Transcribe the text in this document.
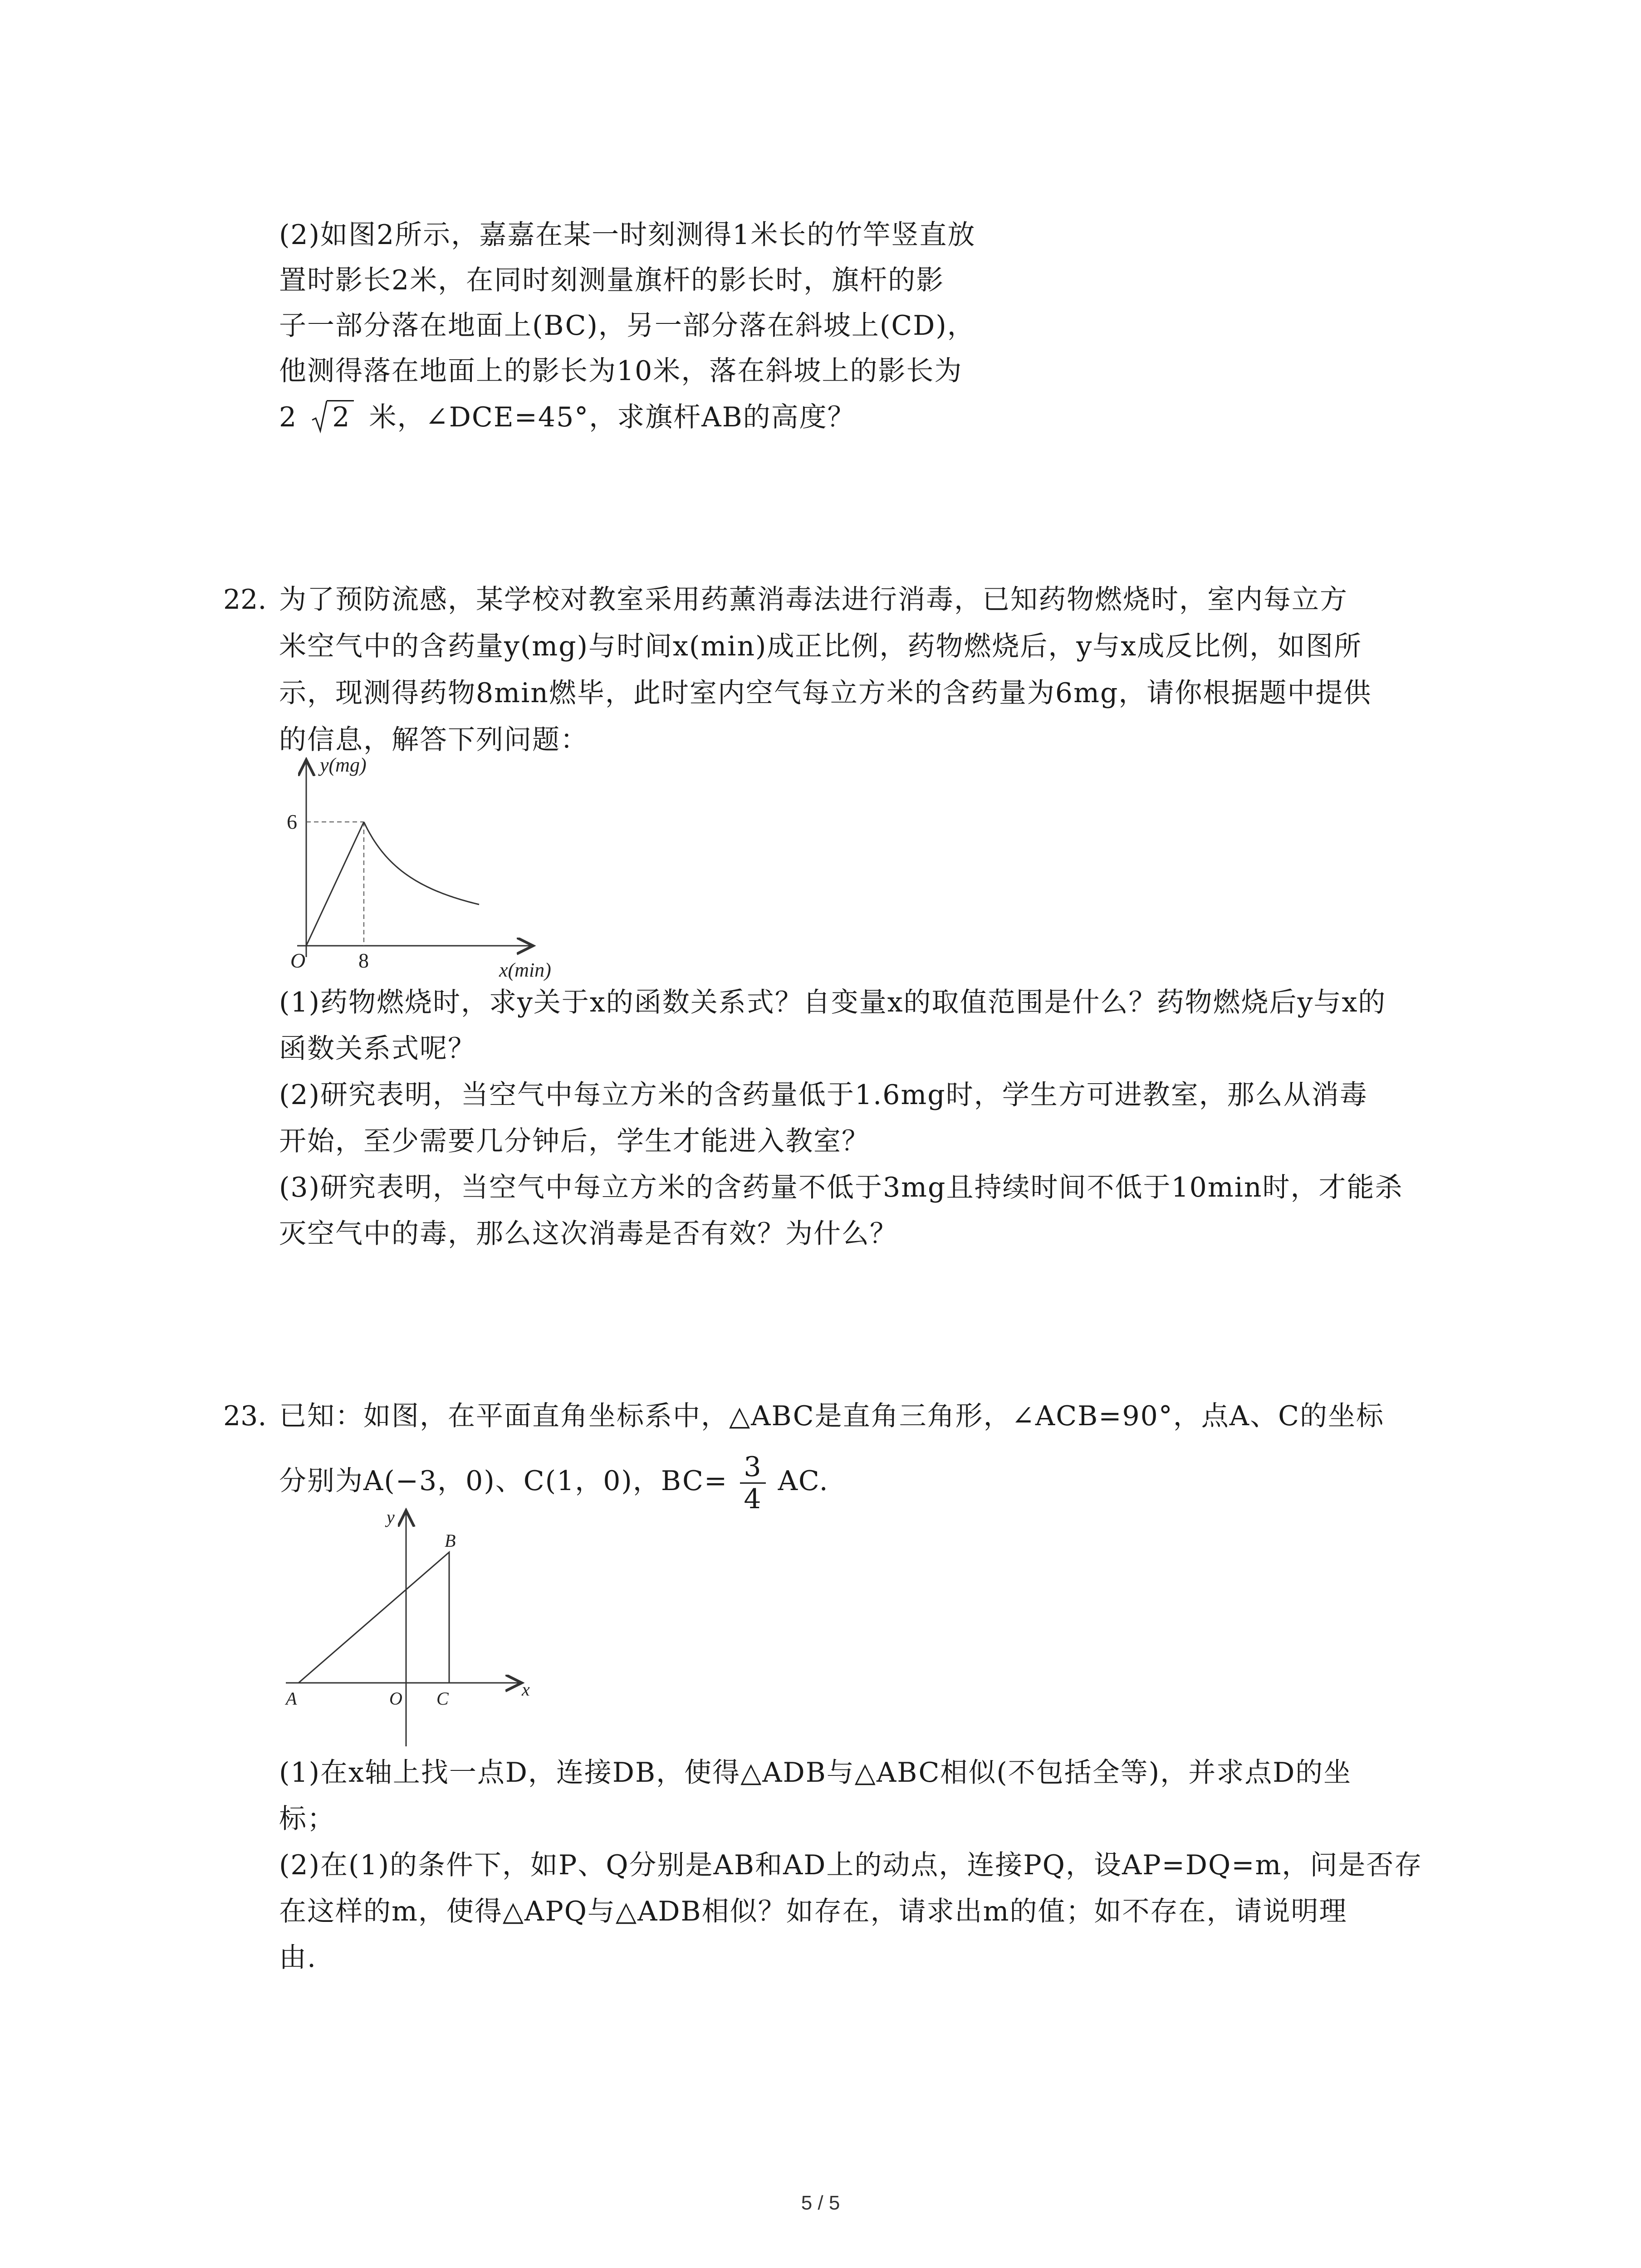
(2)如图2所示，嘉嘉在某一时刻测得1米长的竹竿竖直放
置时影长2米，在同时刻测量旗杆的影长时，旗杆的影
子一部分落在地面上(BC)，另一部分落在斜坡上(CD)，
他测得落在地面上的影长为10米，落在斜坡上的影长为
2 2 米，∠DCE=45°，求旗杆AB的高度？
22. 为了预防流感，某学校对教室采用药薰消毒法进行消毒，已知药物燃烧时，室内每立方
米空气中的含药量y(mg)与时间x(min)成正比例，药物燃烧后，y与x成反比例，如图所
示，现测得药物8min燃毕，此时室内空气每立方米的含药量为6mg，请你根据题中提供
的信息，解答下列问题：
y(mg)
x(min)
O
6
8
(1)药物燃烧时，求y关于x的函数关系式？自变量x的取值范围是什么？药物燃烧后y与x的
函数关系式呢？
(2)研究表明，当空气中每立方米的含药量低于1.6mg时，学生方可进教室，那么从消毒
开始，至少需要几分钟后，学生才能进入教室？
(3)研究表明，当空气中每立方米的含药量不低于3mg且持续时间不低于10min时，才能杀
灭空气中的毒，那么这次消毒是否有效？为什么？
23. 已知：如图，在平面直角坐标系中，△ABC是直角三角形，∠ACB=90°，点A、C的坐标
分别为A(−3，0)、C(1，0)，$BC= \frac{3}{4}$ AC.
y
x
B
A	O C
(1)在x轴上找一点D，连接DB，使得△ADB与△ABC相似(不包括全等)，并求点D的坐
标；
(2)在(1)的条件下，如P、Q分别是AB和AD上的动点，连接PQ，设AP=DQ=m，问是否存
在这样的m，使得△APQ与△ADB相似？如存在，请求出m的值；如不存在，请说明理
由.
5 / 5
